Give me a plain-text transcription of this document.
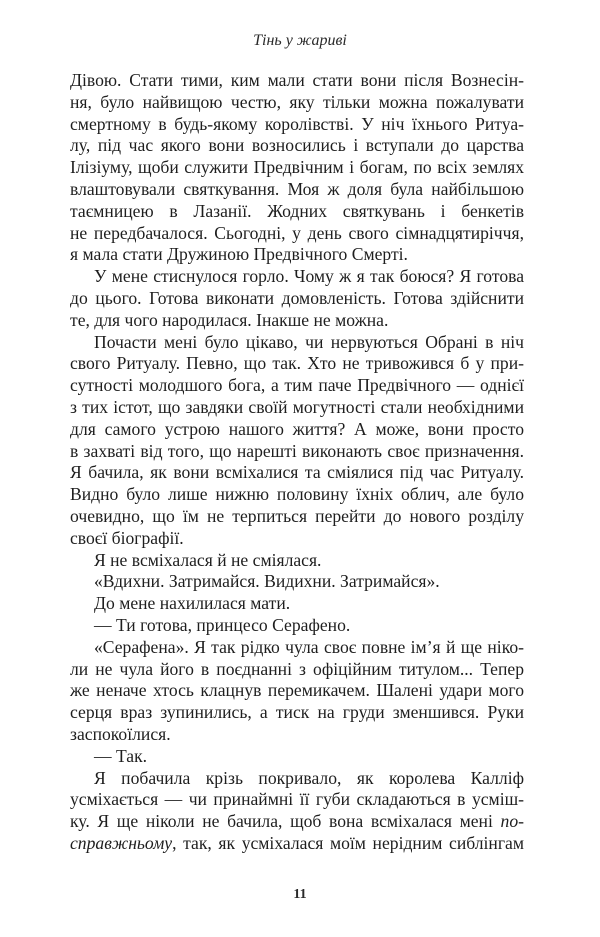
Тінь у жариві
Дівою. Стати тими, ким мали стати вони після Вознесін-
ня, було найвищою честю, яку тільки можна пожалувати
смертному в будь-якому королівстві. У ніч їхнього Ритуа-
лу, під час якого вони возносились і вступали до царства
Ілізіуму, щоби служити Предвічним і богам, по всіх землях
влаштовували святкування. Моя ж доля була найбільшою
таємницею в Лазанії. Жодних святкувань і бенкетів
не передбачалося. Сьогодні, у день свого сімнадцятиріччя,
я мала стати Дружиною Предвічного Смерті.
У мене стиснулося горло. Чому ж я так боюся? Я готова
до цього. Готова виконати домовленість. Готова здійснити
те, для чого народилася. Інакше не можна.
Почасти мені було цікаво, чи нервуються Обрані в ніч
свого Ритуалу. Певно, що так. Хто не тривожився б у при-
сутності молодшого бога, а тим паче Предвічного — однієї
з тих істот, що завдяки своїй могутності стали необхідними
для самого устрою нашого життя? А може, вони просто
в захваті від того, що нарешті виконають своє призначення.
Я бачила, як вони всміхалися та сміялися під час Ритуалу.
Видно було лише нижню половину їхніх облич, але було
очевидно, що їм не терпиться перейти до нового розділу
своєї біографії.
Я не всміхалася й не сміялася.
«Вдихни. Затримайся. Видихни. Затримайся».
До мене нахилилася мати.
— Ти готова, принцесо Серафено.
«Серафена». Я так рідко чула своє повне ім’я й ще ніко-
ли не чула його в поєднанні з офіційним титулом... Тепер
же неначе хтось клацнув перемикачем. Шалені удари мого
серця враз зупинились, а тиск на груди зменшився. Руки
заспокоїлися.
— Так.
Я побачила крізь покривало, як королева Калліф
усміхається — чи принаймні її губи складаються в усміш-
ку. Я ще ніколи не бачила, щоб вона всміхалася мені по-
справжньому, так, як усміхалася моїм нерідним сиблінгам
11
